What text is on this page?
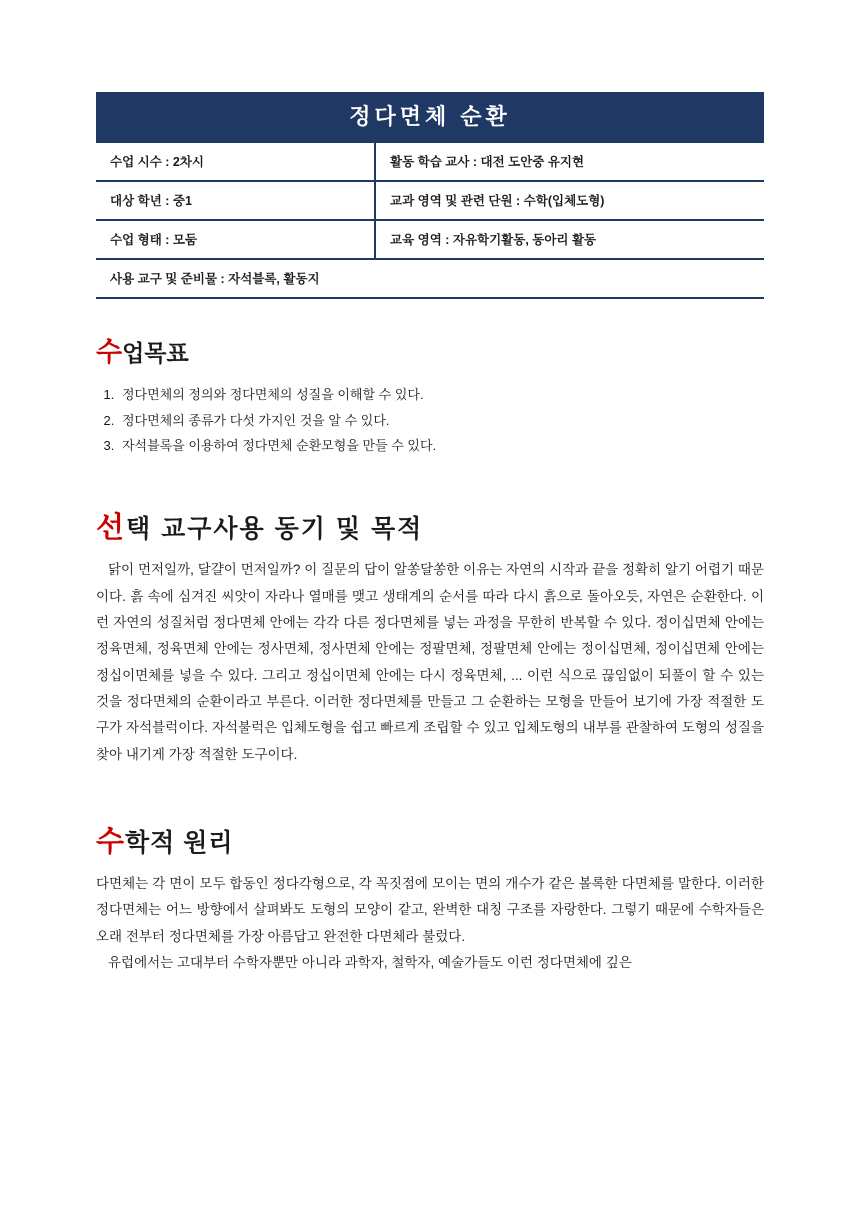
정다면체 순환
수업 시수 : 2차시	활동 학습 교사 : 대전 도안중 유지현
대상 학년 : 중1	교과 영역 및 관련 단원 : 수학(입체도형)
수업 형태 : 모둠	교육 영역 : 자유학기활동, 동아리 활동
사용 교구 및 준비물 : 자석블록, 활동지	
수업목표
1. 정다면체의 정의와 정다면체의 성질을 이해할 수 있다.
2. 정다면체의 종류가 다섯 가지인 것을 알 수 있다.
3. 자석블록을 이용하여 정다면체 순환모형을 만들 수 있다.
선택 교구사용 동기 및 목적

닭이 먼저일까, 달걀이 먼저일까? 이 질문의 답이 알쏭달쏭한 이유는 자연의 시작과 끝을 정확히 알기 어렵기 때문이다. 흙 속에 심겨진 씨앗이 자라나 열매를 맺고 생태계의 순서를 따라 다시 흙으로 돌아오듯, 자연은 순환한다. 이런 자연의 성질처럼 정다면체 안에는 각각 다른 정다면체를 넣는 과정을 무한히 반복할 수 있다. 정이십면체 안에는 정육면체, 정육면체 안에는 정사면체, 정사면체 안에는 정팔면체, 정팔면체 안에는 정이십면체, 정이십면체 안에는 정십이면체를 넣을 수 있다. 그리고 정십이면체 안에는 다시 정육면체, ... 이런 식으로 끊임없이 되풀이 할 수 있는 것을 정다면체의 순환이라고 부른다. 이러한 정다면체를 만들고 그 순환하는 모형을 만들어 보기에 가장 적절한 도구가 자석블럭이다. 자석불럭은 입체도형을 쉽고 빠르게 조립할 수 있고 입체도형의 내부를 관찰하여 도형의 성질을 찾아 내기게 가장 적절한 도구이다.

수학적 원리

다면체는 각 면이 모두 합동인 정다각형으로, 각 꼭짓점에 모이는 면의 개수가 같은 볼록한 다면체를 말한다. 이러한 정다면체는 어느 방향에서 살펴봐도 도형의 모양이 같고, 완벽한 대칭 구조를 자랑한다. 그렇기 때문에 수학자들은 오래 전부터 정다면체를 가장 아름답고 완전한 다면체라 불렀다.

유럽에서는 고대부터 수학자뿐만 아니라 과학자, 철학자, 예술가들도 이런 정다면체에 깊은
